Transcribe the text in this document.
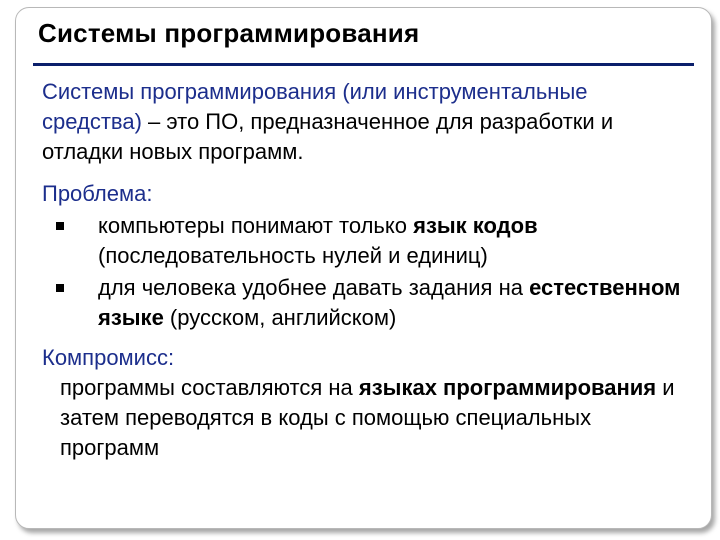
Системы программирования

Системы программирования (или инструментальные средства) – это ПО, предназначенное для разработки и отладки новых программ.

Проблема:

компьютеры понимают только язык кодов (последовательность нулей и единиц)
для человека удобнее давать задания на естественном языке (русском, английском)

Компромисс:

программы составляются на языках программирования и затем переводятся в коды с помощью специальных программ
